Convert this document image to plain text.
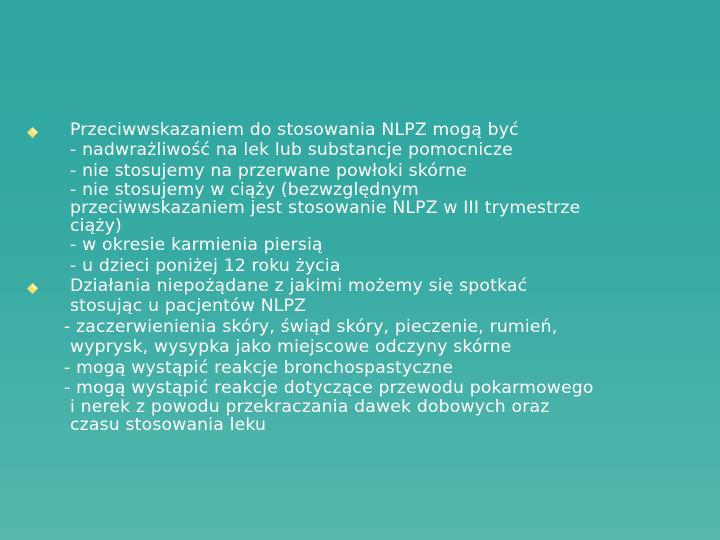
Przeciwwskazaniem do stosowania NLPZ mogą być
- nadwrażliwość na lek lub substancje pomocnicze
- nie stosujemy na przerwane powłoki skórne
- nie stosujemy w ciąży (bezwzględnym
przeciwwskazaniem jest stosowanie NLPZ w III trymestrze
ciąży)
- w okresie karmienia piersią
- u dzieci poniżej 12 roku życia
Działania niepożądane z jakimi możemy się spotkać
stosując u pacjentów NLPZ
- zaczerwienienia skóry, świąd skóry, pieczenie, rumień,
wyprysk, wysypka jako miejscowe odczyny skórne
- mogą wystąpić reakcje bronchospastyczne
- mogą wystąpić reakcje dotyczące przewodu pokarmowego
i nerek z powodu przekraczania dawek dobowych oraz
czasu stosowania leku
